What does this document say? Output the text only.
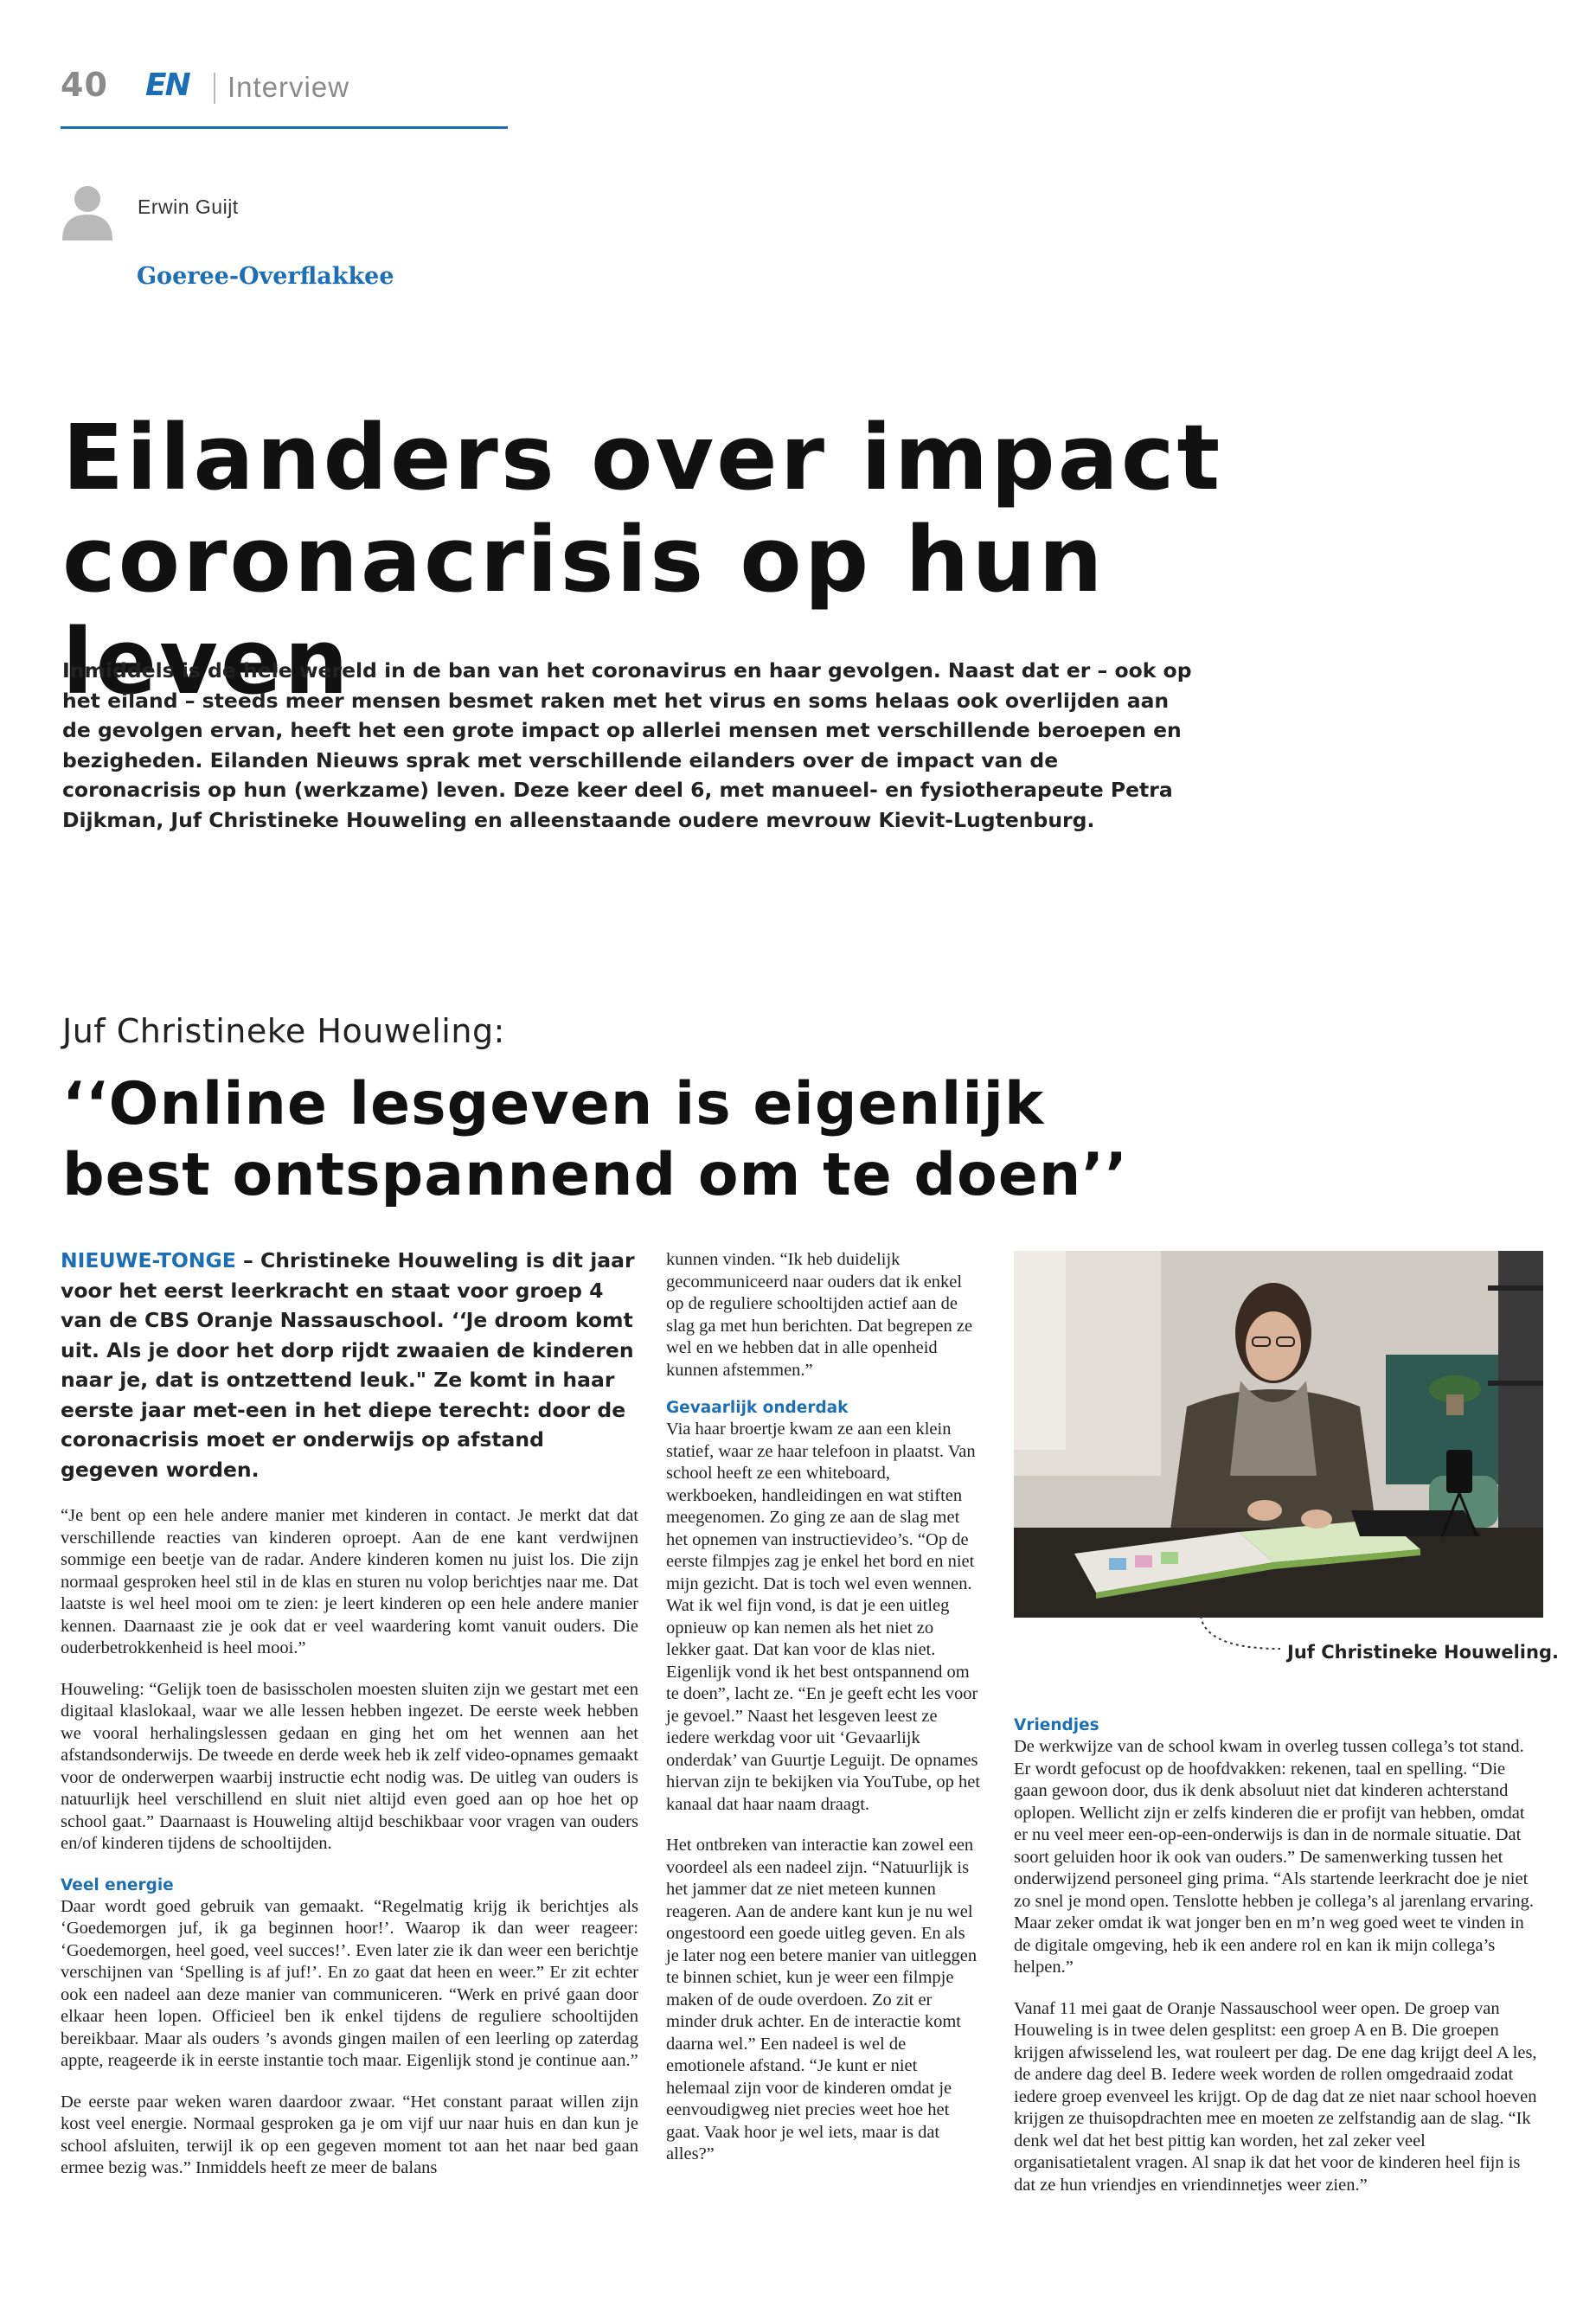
40 EN Interview
Erwin Guijt
Goeree-Overflakkee
Eilanders over impact coronacrisis op hun leven
Inmiddels is de hele wereld in de ban van het coronavirus en haar gevolgen. Naast dat er – ook op het eiland – steeds meer mensen besmet raken met het virus en soms helaas ook overlijden aan de gevolgen ervan, heeft het een grote impact op allerlei mensen met verschillende beroepen en bezigheden. Eilanden Nieuws sprak met verschillende eilanders over de impact van de coronacrisis op hun (werkzame) leven. Deze keer deel 6, met manueel- en fysiotherapeute Petra Dijkman, Juf Christineke Houweling en alleenstaande oudere mevrouw Kievit-Lugtenburg.
Juf Christineke Houweling:
‘‘Online lesgeven is eigenlijk best ontspannend om te doen’’

NIEUWE-TONGE – Christineke Houweling is dit jaar voor het eerst leerkracht en staat voor groep 4 van de CBS Oranje Nassauschool. ‘‘Je droom komt uit. Als je door het dorp rijdt zwaaien de kinderen naar je, dat is ontzettend leuk." Ze komt in haar eerste jaar met-een in het diepe terecht: door de coronacrisis moet er onderwijs op afstand gegeven worden.

“Je bent op een hele andere manier met kinderen in contact. Je merkt dat dat verschillende reacties van kinderen oproept. Aan de ene kant verdwijnen sommige een beetje van de radar. Andere kinderen komen nu juist los. Die zijn normaal gesproken heel stil in de klas en sturen nu volop berichtjes naar me. Dat laatste is wel heel mooi om te zien: je leert kinderen op een hele andere manier kennen. Daarnaast zie je ook dat er veel waardering komt vanuit ouders. Die ouderbetrokkenheid is heel mooi.”

Houweling: “Gelijk toen de basisscholen moesten sluiten zijn we gestart met een digitaal klaslokaal, waar we alle lessen hebben ingezet. De eerste week hebben we vooral herhalingslessen gedaan en ging het om het wennen aan het afstandsonderwijs. De tweede en derde week heb ik zelf video-opnames gemaakt voor de onderwerpen waarbij instructie echt nodig was. De uitleg van ouders is natuurlijk heel verschillend en sluit niet altijd even goed aan op hoe het op school gaat.” Daarnaast is Houweling altijd beschikbaar voor vragen van ouders en/of kinderen tijdens de schooltijden.

Veel energie

Daar wordt goed gebruik van gemaakt. “Regelmatig krijg ik berichtjes als ‘Goedemorgen juf, ik ga beginnen hoor!’. Waarop ik dan weer reageer: ‘Goedemorgen, heel goed, veel succes!’. Even later zie ik dan weer een berichtje verschijnen van ‘Spelling is af juf!’. En zo gaat dat heen en weer.” Er zit echter ook een nadeel aan deze manier van communiceren. “Werk en privé gaan door elkaar heen lopen. Officieel ben ik enkel tijdens de reguliere schooltijden bereikbaar. Maar als ouders ’s avonds gingen mailen of een leerling op zaterdag appte, reageerde ik in eerste instantie toch maar. Eigenlijk stond je continue aan.”

De eerste paar weken waren daardoor zwaar. “Het constant paraat willen zijn kost veel energie. Normaal gesproken ga je om vijf uur naar huis en dan kun je school afsluiten, terwijl ik op een gegeven moment tot aan het naar bed gaan ermee bezig was.” Inmiddels heeft ze meer de balans

kunnen vinden. “Ik heb duidelijk gecommuniceerd naar ouders dat ik enkel op de reguliere schooltijden actief aan de slag ga met hun berichten. Dat begrepen ze wel en we hebben dat in alle openheid kunnen afstemmen.”

Gevaarlijk onderdak

Via haar broertje kwam ze aan een klein statief, waar ze haar telefoon in plaatst. Van school heeft ze een whiteboard, werkboeken, handleidingen en wat stiften meegenomen. Zo ging ze aan de slag met het opnemen van instructievideo’s. “Op de eerste filmpjes zag je enkel het bord en niet mijn gezicht. Dat is toch wel even wennen. Wat ik wel fijn vond, is dat je een uitleg opnieuw op kan nemen als het niet zo lekker gaat. Dat kan voor de klas niet. Eigenlijk vond ik het best ontspannend om te doen”, lacht ze. “En je geeft echt les voor je gevoel.” Naast het lesgeven leest ze iedere werkdag voor uit ‘Gevaarlijk onderdak’ van Guurtje Leguijt. De opnames hiervan zijn te bekijken via YouTube, op het kanaal dat haar naam draagt.

Het ontbreken van interactie kan zowel een voordeel als een nadeel zijn. “Natuurlijk is het jammer dat ze niet meteen kunnen reageren. Aan de andere kant kun je nu wel ongestoord een goede uitleg geven. En als je later nog een betere manier van uitleggen te binnen schiet, kun je weer een filmpje maken of de oude overdoen. Zo zit er minder druk achter. En de interactie komt daarna wel.” Een nadeel is wel de emotionele afstand. “Je kunt er niet helemaal zijn voor de kinderen omdat je eenvoudigweg niet precies weet hoe het gaat. Vaak hoor je wel iets, maar is dat alles?”

Juf Christineke Houweling.

Vriendjes

De werkwijze van de school kwam in overleg tussen collega’s tot stand. Er wordt gefocust op de hoofdvakken: rekenen, taal en spelling. “Die gaan gewoon door, dus ik denk absoluut niet dat kinderen achterstand oplopen. Wellicht zijn er zelfs kinderen die er profijt van hebben, omdat er nu veel meer een-op-een-onderwijs is dan in de normale situatie. Dat soort geluiden hoor ik ook van ouders.” De samenwerking tussen het onderwijzend personeel ging prima. “Als startende leerkracht doe je niet zo snel je mond open. Tenslotte hebben je collega’s al jarenlang ervaring. Maar zeker omdat ik wat jonger ben en m’n weg goed weet te vinden in de digitale omgeving, heb ik een andere rol en kan ik mijn collega’s helpen.”

Vanaf 11 mei gaat de Oranje Nassauschool weer open. De groep van Houweling is in twee delen gesplitst: een groep A en B. Die groepen krijgen afwisselend les, wat rouleert per dag. De ene dag krijgt deel A les, de andere dag deel B. Iedere week worden de rollen omgedraaid zodat iedere groep evenveel les krijgt. Op de dag dat ze niet naar school hoeven krijgen ze thuisopdrachten mee en moeten ze zelfstandig aan de slag. “Ik denk wel dat het best pittig kan worden, het zal zeker veel organisatietalent vragen. Al snap ik dat het voor de kinderen heel fijn is dat ze hun vriendjes en vriendinnetjes weer zien.”
